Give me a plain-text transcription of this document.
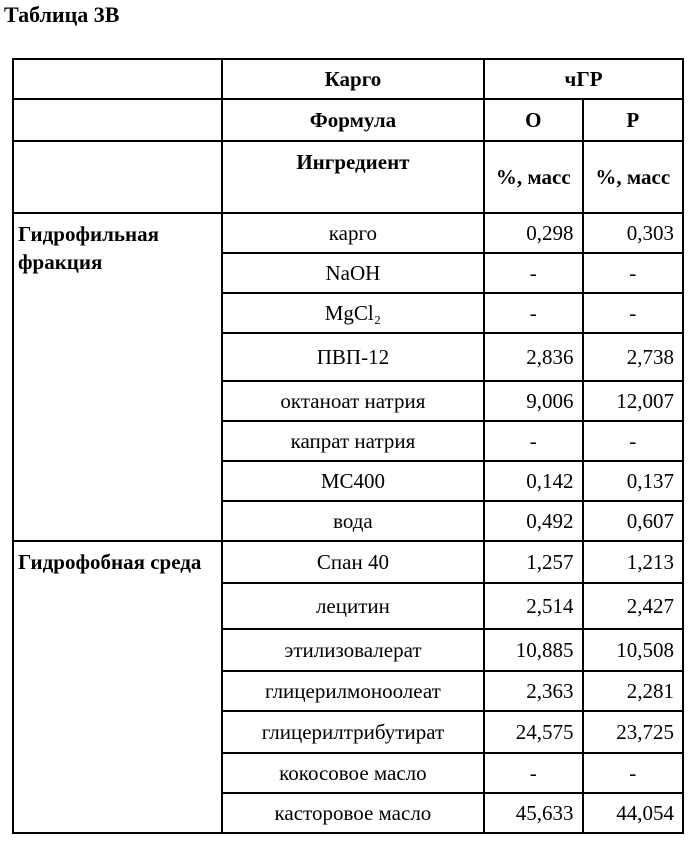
Таблица 3В
	Карго	чГР
	Формула	О	Р
	Ингредиент	%, масс	%, масс
Гидрофильная фракция	карго	0,298	0,303
NaOH	-	-
MgCl₂	-	-
ПВП-12	2,836	2,738
октаноат натрия	9,006	12,007
капрат натрия	-	-
МС400	0,142	0,137
вода	0,492	0,607
Гидрофобная среда	Спан 40	1,257	1,213
лецитин	2,514	2,427
этилизовалерат	10,885	10,508
глицерилмоноолеат	2,363	2,281
глицерилтрибутират	24,575	23,725
кокосовое масло	-	-
касторовое масло	45,633	44,054
